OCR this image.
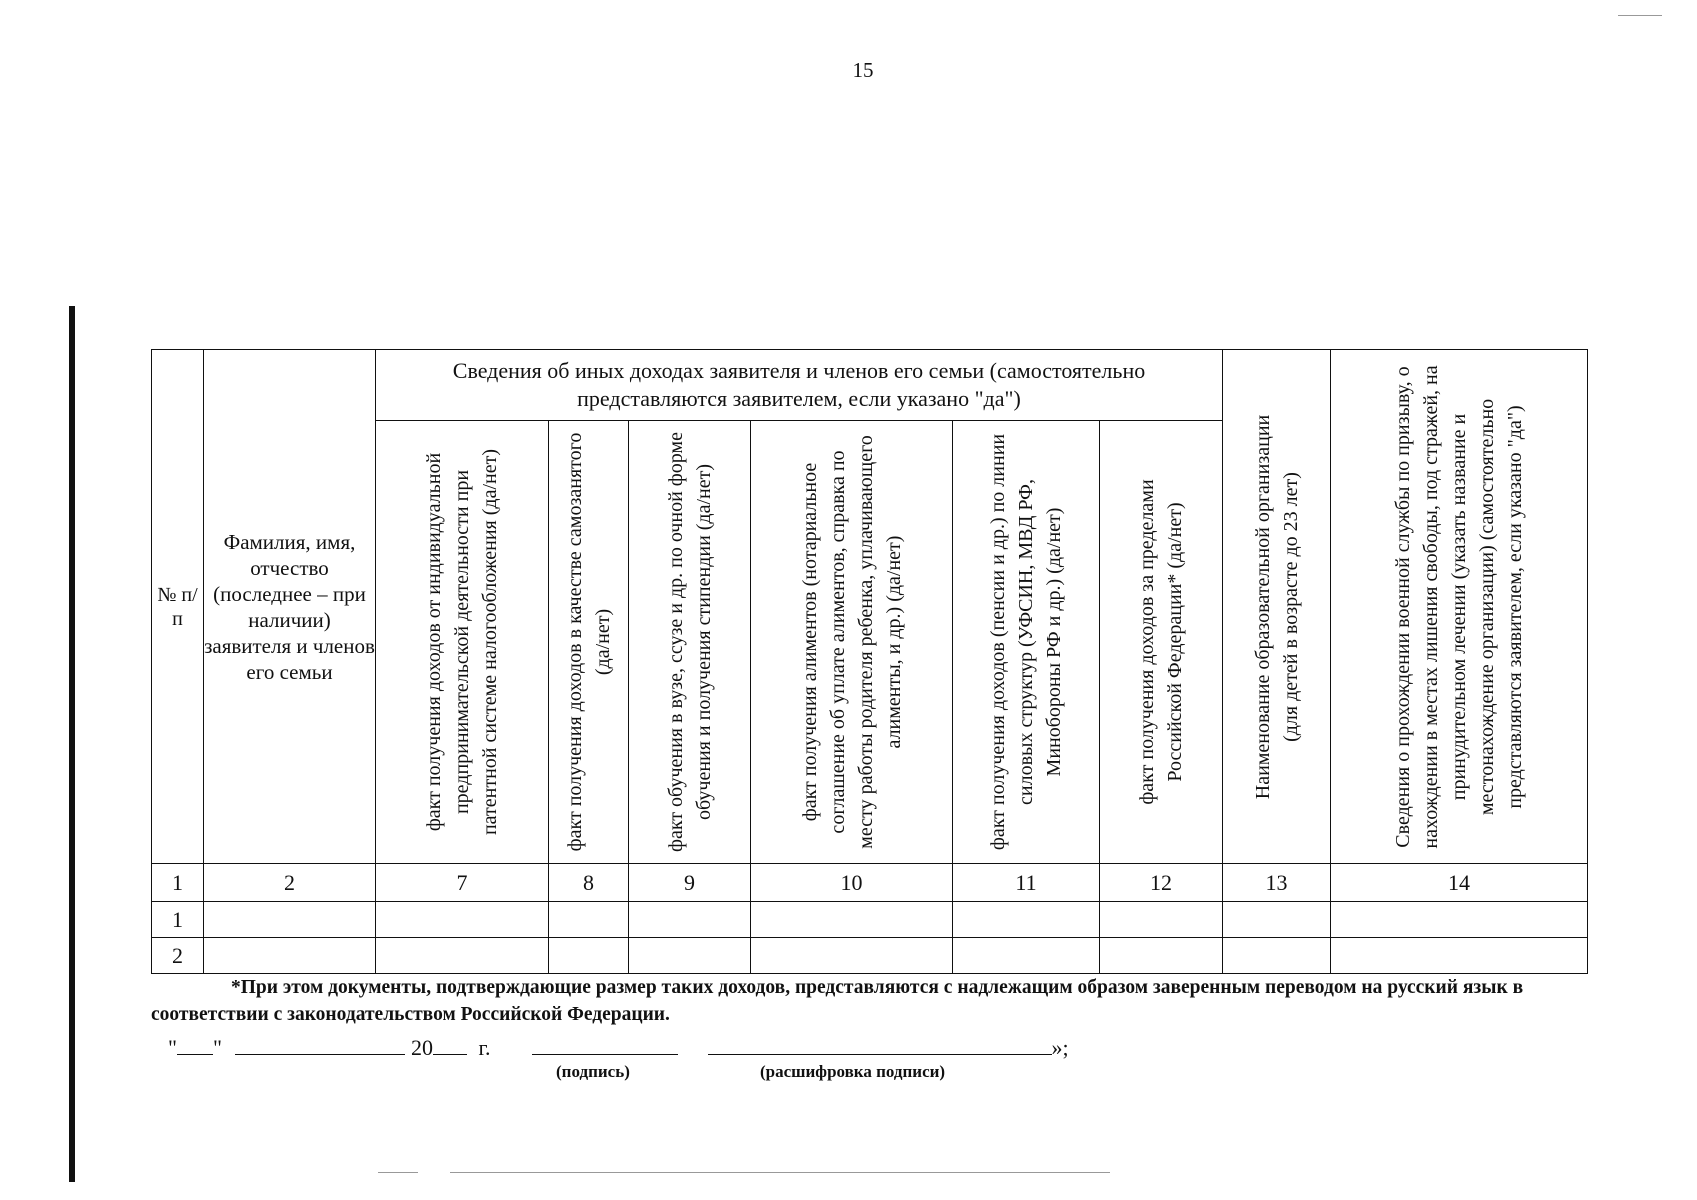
15
№ п/п	Фамилия, имя, отчество (последнее – при наличии) заявителя и членов его семьи	Сведения об иных доходах заявителя и членов его семьи (самостоятельно представляются заявителем, если указано "да")						Наименование образовательной организации (для детей в возрасте до 23 лет)	Сведения о прохождении военной службы по призыву, о нахождении в местах лишения свободы, под стражей, на принудительном лечении (указать название и местонахождение организации) (самостоятельно представляются заявителем, если указано "да")

		факт получения доходов от индивидуальной предпринимательской деятельности при патентной системе налогообложения (да/нет)	факт получения доходов в качестве самозанятого (да/нет)	факт обучения в вузе, ссузе и др. по очной форме обучения и получения стипендии (да/нет)	факт получения алиментов (нотариальное соглашение об уплате алиментов, справка по месту работы родителя ребенка, уплачивающего алименты, и др.) (да/нет)	факт получения доходов (пенсии и др.) по линии силовых структур (УФСИН, МВД РФ, Минобороны РФ и др.) (да/нет)	факт получения доходов за пределами Российской Федерации* (да/нет)		

1	2	7	8	9	10	11	12	13	14
1									
2									
*При этом документы, подтверждающие размер таких доходов, представляются с надлежащим образом заверенным переводом на русский язык в соответствии с законодательством Российской Федерации.
" "	20 г.	»;
(подпись)	(расшифровка подписи)
